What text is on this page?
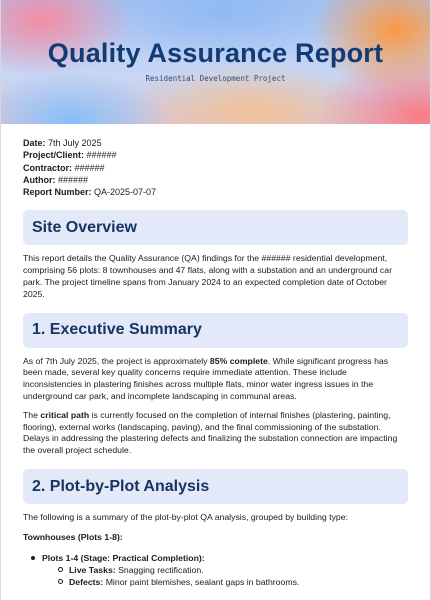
Quality Assurance Report
Residential Development Project
Date: 7th July 2025
Project/Client: ######
Contractor: ######
Author: ######
Report Number: QA-2025-07-07
Site Overview

This report details the Quality Assurance (QA) findings for the ###### residential development, comprising 56 plots: 8 townhouses and 47 flats, along with a substation and an underground car park. The project timeline spans from January 2024 to an expected completion date of October 2025.

1. Executive Summary

As of 7th July 2025, the project is approximately 85% complete. While significant progress has been made, several key quality concerns require immediate attention. These include inconsistencies in plastering finishes across multiple flats, minor water ingress issues in the underground car park, and incomplete landscaping in communal areas.

The critical path is currently focused on the completion of internal finishes (plastering, painting, flooring), external works (landscaping, paving), and the final commissioning of the substation. Delays in addressing the plastering defects and finalizing the substation connection are impacting the overall project schedule.

2. Plot-by-Plot Analysis

The following is a summary of the plot-by-plot QA analysis, grouped by building type:

Townhouses (Plots 1-8):
Plots 1-4 (Stage: Practical Completion):
Live Tasks: Snagging rectification.
Defects: Minor paint blemishes, sealant gaps in bathrooms.
